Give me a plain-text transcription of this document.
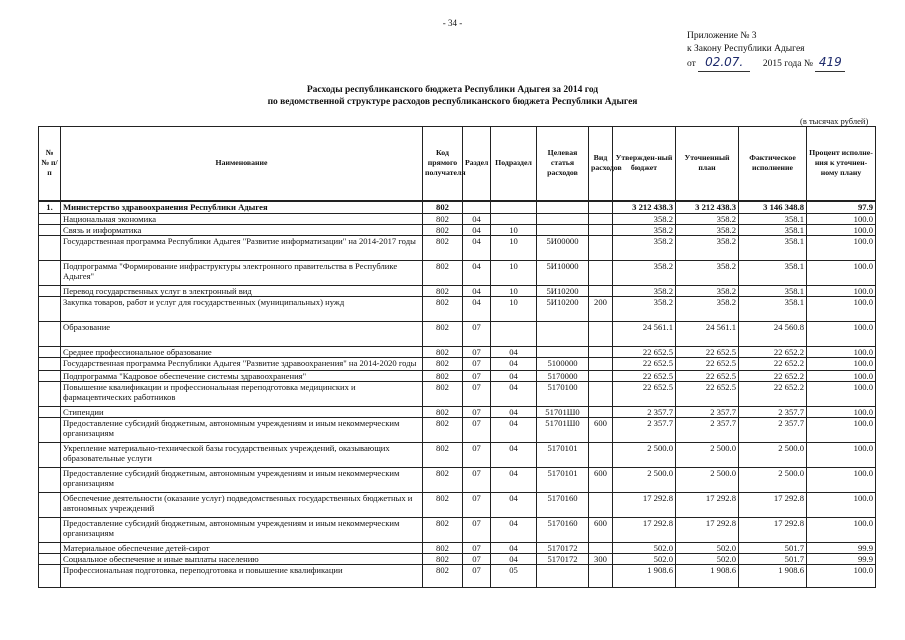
- 34 -
Приложение № 3
к Закону Республики Адыгея
от 02.07. 2015 года № 419
Расходы республиканского бюджета Республики Адыгея за 2014 год
по ведомственной структуре расходов республиканского бюджета Республики Адыгея
(в тысячах рублей)
№ № п/п	Наименование	Код прямого получателя	Раздел	Подраздел	Целевая статья расходов	Вид расходов	Утвержден-ный бюджет	Уточненный план	Фактическое исполнение	Процент исполне-ния к уточнен-ному плану
1.	Министерство здравоохранения Республики Адыгея	802					3 212 438.3	3 212 438.3	3 146 348.8	97.9
	Национальная экономика	802	04				358.2	358.2	358.1	100.0
	Связь и информатика	802	04	10			358.2	358.2	358.1	100.0
	Государственная программа Республики Адыгея "Развитие информатизации" на 2014-2017 годы	802	04	10	5И00000		358.2	358.2	358.1	100.0
	Подпрограмма "Формирование инфраструктуры электронного правительства в Республике Адыгея"	802	04	10	5И10000		358.2	358.2	358.1	100.0
	Перевод государственных услуг в электронный вид	802	04	10	5И10200		358.2	358.2	358.1	100.0
	Закупка товаров, работ и услуг для государственных (муниципальных) нужд	802	04	10	5И10200	200	358.2	358.2	358.1	100.0
	Образование	802	07				24 561.1	24 561.1	24 560.8	100.0
	Среднее профессиональное образование	802	07	04			22 652.5	22 652.5	22 652.2	100.0
	Государственная программа Республики Адыгея "Развитие здравоохранения" на 2014-2020 годы	802	07	04	5100000		22 652.5	22 652.5	22 652.2	100.0
	Подпрограмма "Кадровое обеспечение системы здравоохранения"	802	07	04	5170000		22 652.5	22 652.5	22 652.2	100.0
	Повышение квалификации и профессиональная переподготовка медицинских и фармацевтических работников	802	07	04	5170100		22 652.5	22 652.5	22 652.2	100.0
	Стипендии	802	07	04	51701Ш0		2 357.7	2 357.7	2 357.7	100.0
	Предоставление субсидий бюджетным, автономным учреждениям и иным некоммерческим организациям	802	07	04	51701Ш0	600	2 357.7	2 357.7	2 357.7	100.0
	Укрепление материально-технической базы государственных учреждений, оказывающих образовательные услуги	802	07	04	5170101		2 500.0	2 500.0	2 500.0	100.0
	Предоставление субсидий бюджетным, автономным учреждениям и иным некоммерческим организациям	802	07	04	5170101	600	2 500.0	2 500.0	2 500.0	100.0
	Обеспечение деятельности (оказание услуг) подведомственных государственных бюджетных и автономных учреждений	802	07	04	5170160		17 292.8	17 292.8	17 292.8	100.0
	Предоставление субсидий бюджетным, автономным учреждениям и иным некоммерческим организациям	802	07	04	5170160	600	17 292.8	17 292.8	17 292.8	100.0
	Материальное обеспечение детей-сирот	802	07	04	5170172		502.0	502.0	501.7	99.9
	Социальное обеспечение и иные выплаты населению	802	07	04	5170172	300	502.0	502.0	501.7	99.9
	Профессиональная подготовка, переподготовка и повышение квалификации	802	07	05			1 908.6	1 908.6	1 908.6	100.0
